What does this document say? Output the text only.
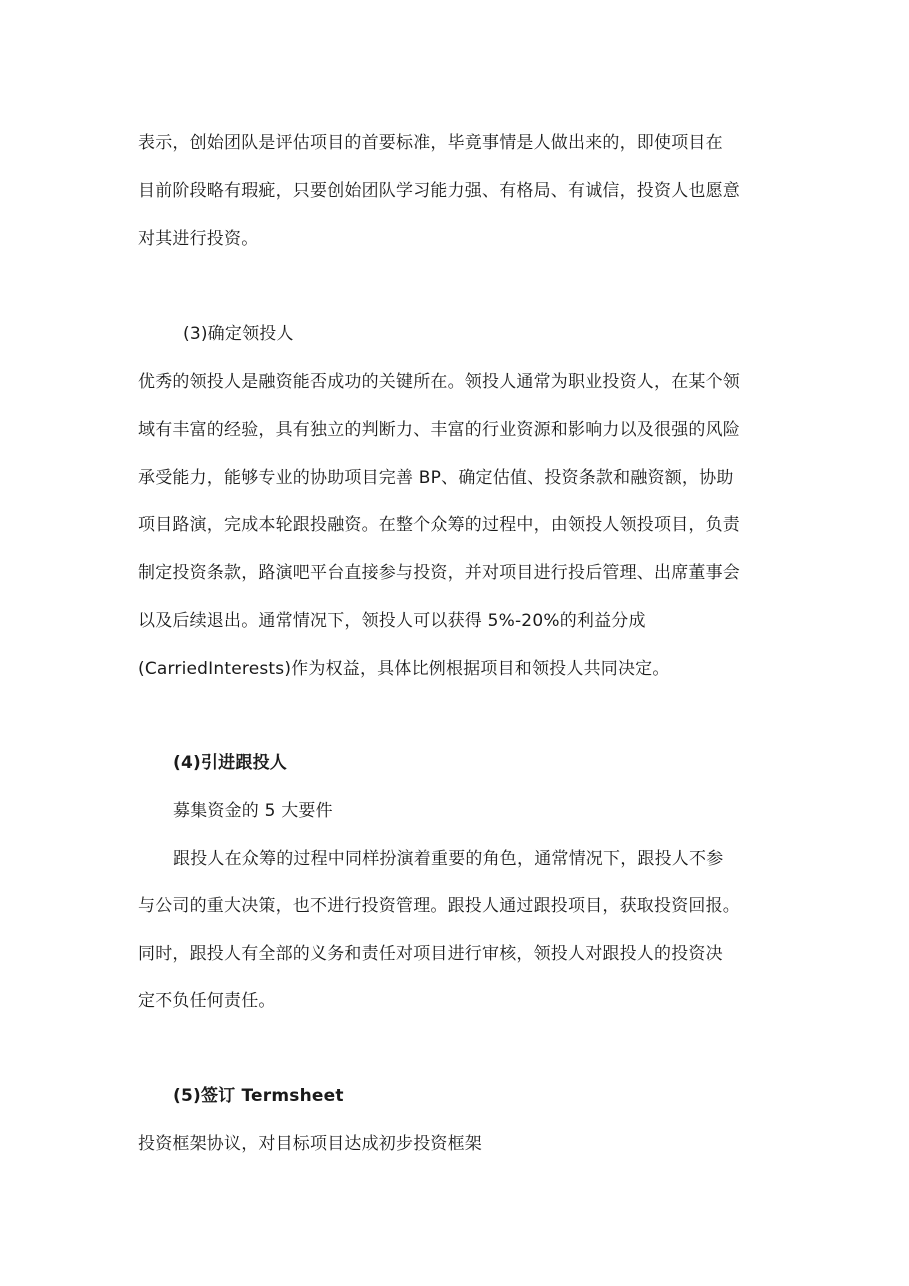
表示，创始团队是评估项目的首要标准，毕竟事情是人做出来的，即使项目在
目前阶段略有瑕疵，只要创始团队学习能力强、有格局、有诚信，投资人也愿意
对其进行投资。
(3)确定领投人
优秀的领投人是融资能否成功的关键所在。领投人通常为职业投资人，在某个领
域有丰富的经验，具有独立的判断力、丰富的行业资源和影响力以及很强的风险
承受能力，能够专业的协助项目完善 BP、确定估值、投资条款和融资额，协助
项目路演，完成本轮跟投融资。在整个众筹的过程中，由领投人领投项目，负责
制定投资条款，路演吧平台直接参与投资，并对项目进行投后管理、出席董事会
以及后续退出。通常情况下，领投人可以获得 5%-20%的利益分成
(CarriedInterests)作为权益，具体比例根据项目和领投人共同决定。
(4)引进跟投人
募集资金的 5 大要件
跟投人在众筹的过程中同样扮演着重要的角色，通常情况下，跟投人不参
与公司的重大决策，也不进行投资管理。跟投人通过跟投项目，获取投资回报。
同时，跟投人有全部的义务和责任对项目进行审核，领投人对跟投人的投资决
定不负任何责任。
(5)签订 Termsheet
投资框架协议，对目标项目达成初步投资框架
